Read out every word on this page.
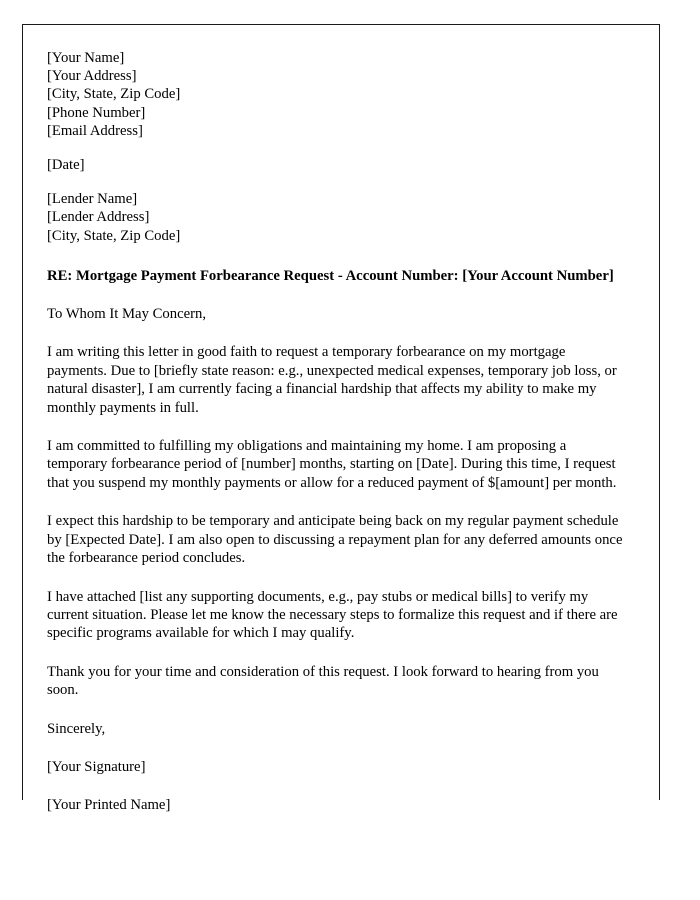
[Your Name]
[Your Address]
[City, State, Zip Code]
[Phone Number]
[Email Address]
[Date]
[Lender Name]
[Lender Address]
[City, State, Zip Code]
RE: Mortgage Payment Forbearance Request - Account Number: [Your Account Number]
To Whom It May Concern,

I am writing this letter in good faith to request a temporary forbearance on my mortgage payments. Due to [briefly state reason: e.g., unexpected medical expenses, temporary job loss, or natural disaster], I am currently facing a financial hardship that affects my ability to make my monthly payments in full.

I am committed to fulfilling my obligations and maintaining my home. I am proposing a temporary forbearance period of [number] months, starting on [Date]. During this time, I request that you suspend my monthly payments or allow for a reduced payment of $[amount] per month.

I expect this hardship to be temporary and anticipate being back on my regular payment schedule by [Expected Date]. I am also open to discussing a repayment plan for any deferred amounts once the forbearance period concludes.

I have attached [list any supporting documents, e.g., pay stubs or medical bills] to verify my current situation. Please let me know the necessary steps to formalize this request and if there are specific programs available for which I may qualify.

Thank you for your time and consideration of this request. I look forward to hearing from you soon.

Sincerely,
[Your Signature]
[Your Printed Name]
